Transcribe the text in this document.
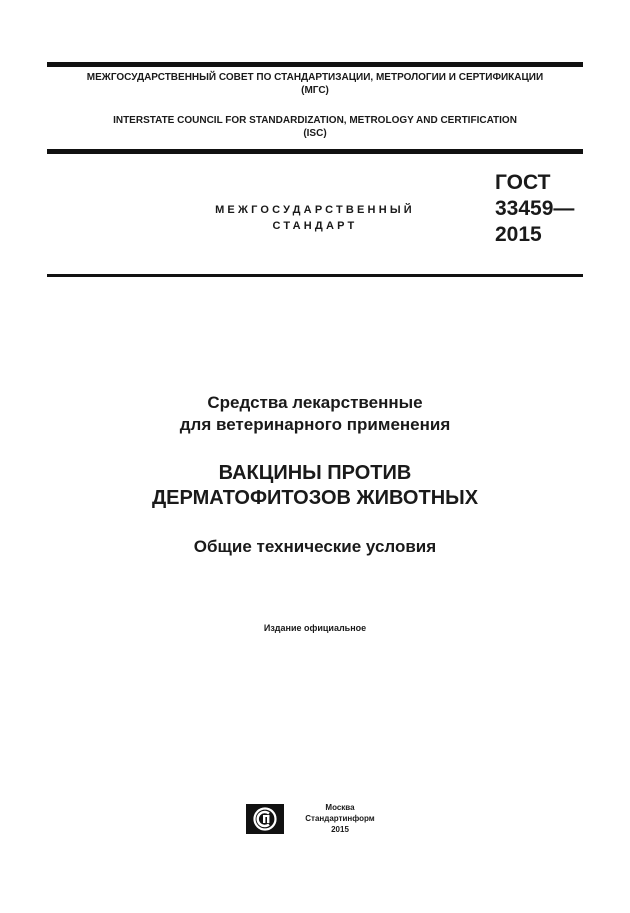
МЕЖГОСУДАРСТВЕННЫЙ СОВЕТ ПО СТАНДАРТИЗАЦИИ, МЕТРОЛОГИИ И СЕРТИФИКАЦИИ
(МГС)
INTERSTATE COUNCIL FOR STANDARDIZATION, METROLOGY AND CERTIFICATION
(ISC)
МЕЖГОСУДАРСТВЕННЫЙ
СТАНДАРТ
ГОСТ
33459—
2015
Средства лекарственные
для ветеринарного применения
ВАКЦИНЫ ПРОТИВ
ДЕРМАТОФИТОЗОВ ЖИВОТНЫХ
Общие технические условия
Издание официальное
Москва
Стандартинформ
2015
